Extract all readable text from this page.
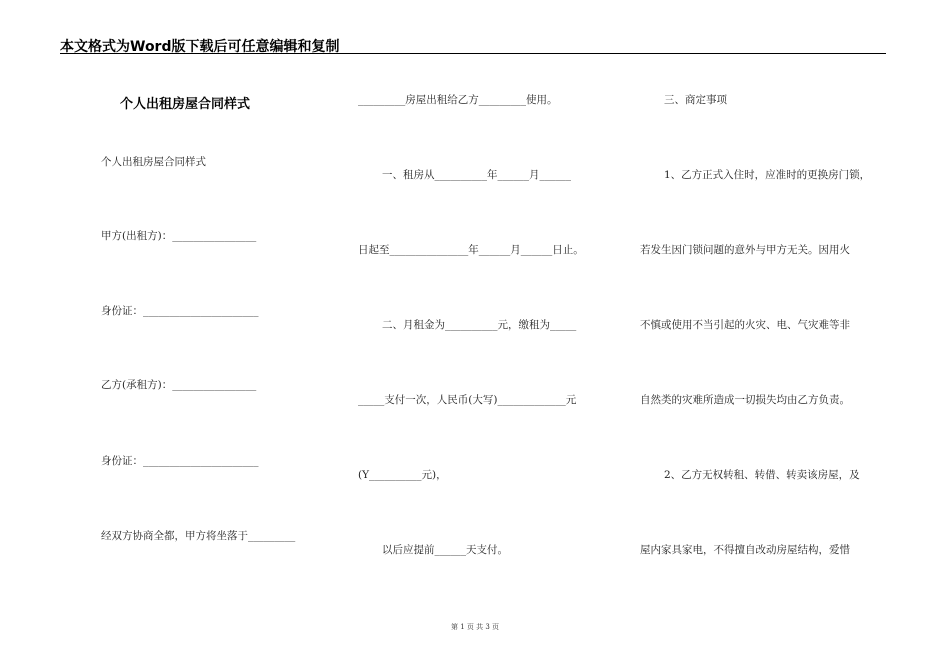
本文格式为Word版下载后可任意编辑和复制
个人出租房屋合同样式
个人出租房屋合同样式
甲方(出租方)：________________
身份证：______________________
乙方(承租方)：________________
身份证：______________________
经双方协商全都，甲方将坐落于_________
_________房屋出租给乙方_________使用。
一、租房从__________年______月______
日起至_______________年______月______日止。
二、月租金为__________元，缴租为_____
_____支付一次，人民币(大写)_____________元
(Y__________元)，
以后应提前______天支付。
三、商定事项
1、乙方正式入住时，应准时的更换房门锁，
若发生因门锁问题的意外与甲方无关。因用火
不慎或使用不当引起的火灾、电、气灾难等非
自然类的灾难所造成一切损失均由乙方负责。
2、乙方无权转租、转借、转卖该房屋，及
屋内家具家电，不得擅自改动房屋结构，爱惜
第 1 页 共 3 页
